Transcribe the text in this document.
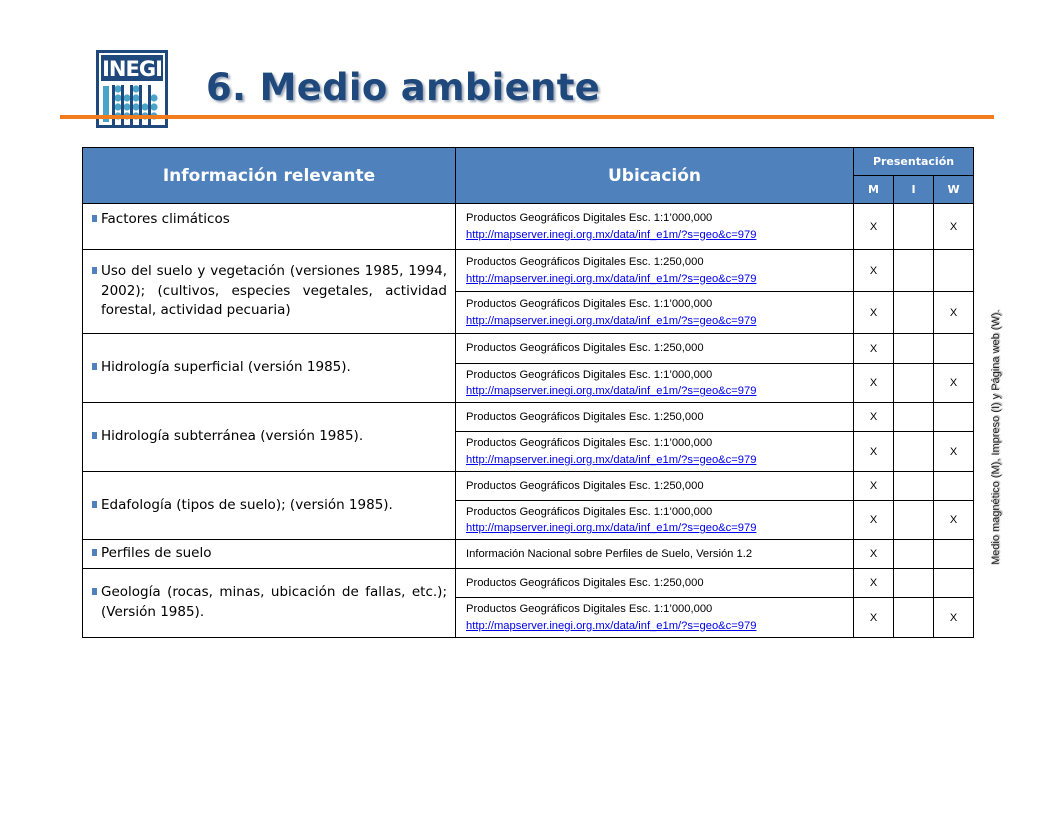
INEGI 6. Medio ambiente
Medio magnético (M), Impreso (I) y Página web (W).
Información relevante	Ubicación	Presentación		
		M	I	W
Factores climáticos	Productos Geográficos Digitales Esc. 1:1’000,000
http://mapserver.inegi.org.mx/data/inf_e1m/?s=geo&c=979	X		X
Uso del suelo y vegetación (versiones 1985, 1994, 2002); (cultivos, especies vegetales, actividad forestal, actividad pecuaria)	Productos Geográficos Digitales Esc. 1:250,000
http://mapserver.inegi.org.mx/data/inf_e1m/?s=geo&c=979	X		
	Productos Geográficos Digitales Esc. 1:1’000,000
http://mapserver.inegi.org.mx/data/inf_e1m/?s=geo&c=979	X		X
Hidrología superficial (versión 1985).	Productos Geográficos Digitales Esc. 1:250,000	X		
	Productos Geográficos Digitales Esc. 1:1’000,000
http://mapserver.inegi.org.mx/data/inf_e1m/?s=geo&c=979	X		X
Hidrología subterránea (versión 1985).	Productos Geográficos Digitales Esc. 1:250,000	X		
	Productos Geográficos Digitales Esc. 1:1’000,000
http://mapserver.inegi.org.mx/data/inf_e1m/?s=geo&c=979	X		X
Edafología (tipos de suelo); (versión 1985).	Productos Geográficos Digitales Esc. 1:250,000	X		
	Productos Geográficos Digitales Esc. 1:1’000,000
http://mapserver.inegi.org.mx/data/inf_e1m/?s=geo&c=979	X		X
Perfiles de suelo	Información Nacional sobre Perfiles de Suelo, Versión 1.2	X		
Geología (rocas, minas, ubicación de fallas, etc.); (Versión 1985).	Productos Geográficos Digitales Esc. 1:250,000	X		
	Productos Geográficos Digitales Esc. 1:1’000,000
http://mapserver.inegi.org.mx/data/inf_e1m/?s=geo&c=979	X		X
